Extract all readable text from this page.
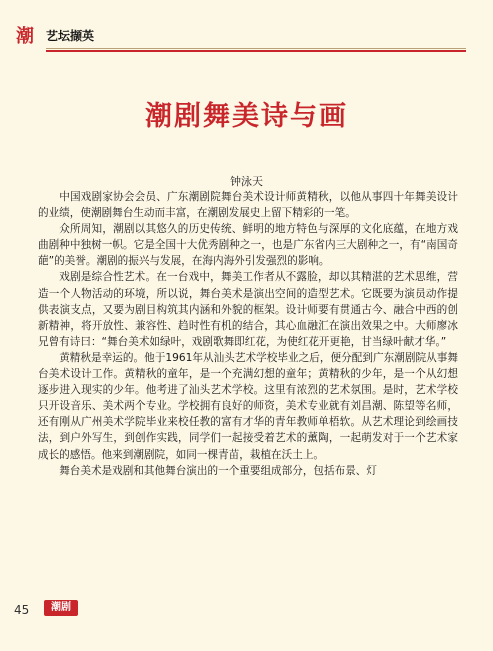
潮 艺坛撷英
潮剧舞美诗与画
钟泳天

中国戏剧家协会会员、广东潮剧院舞台美术设计师黄精秋，以他从事四十年舞美设计的业绩，使潮剧舞台生动而丰富，在潮剧发展史上留下精彩的一笔。

众所周知，潮剧以其悠久的历史传统、鲜明的地方特色与深厚的文化底蕴，在地方戏曲剧种中独树一帜。它是全国十大优秀剧种之一，也是广东省内三大剧种之一，有“南国奇葩”的美誉。潮剧的振兴与发展，在海内海外引发强烈的影响。

戏剧是综合性艺术。在一台戏中，舞美工作者从不露脸，却以其精湛的艺术思维，营造一个人物活动的环境，所以说，舞台美术是演出空间的造型艺术。它既要为演员动作提供表演支点，又要为剧目构筑其内涵和外貌的框架。设计师要有贯通古今、融合中西的创新精神，将开放性、兼容性、趋时性有机的结合，其心血融汇在演出效果之中。大师廖冰兄曾有诗曰：“舞台美术如绿叶，戏剧歌舞即红花，为使红花开更艳，甘当绿叶献才华。”

黄精秋是幸运的。他于1961年从汕头艺术学校毕业之后，便分配到广东潮剧院从事舞台美术设计工作。黄精秋的童年，是一个充满幻想的童年；黄精秋的少年，是一个从幻想逐步进入现实的少年。他考进了汕头艺术学校。这里有浓烈的艺术氛围。是时，艺术学校只开设音乐、美术两个专业。学校拥有良好的师资，美术专业就有刘昌潮、陈望等名师，还有刚从广州美术学院毕业来校任教的富有才华的青年教师单梧软。从艺术理论到绘画技法，到户外写生，到创作实践，同学们一起接受着艺术的薰陶，一起萌发对于一个艺术家成长的感悟。他来到潮剧院，如同一棵青苗，栽植在沃土上。

舞台美术是戏剧和其他舞台演出的一个重要组成部分，包括布景、灯

45	潮剧
